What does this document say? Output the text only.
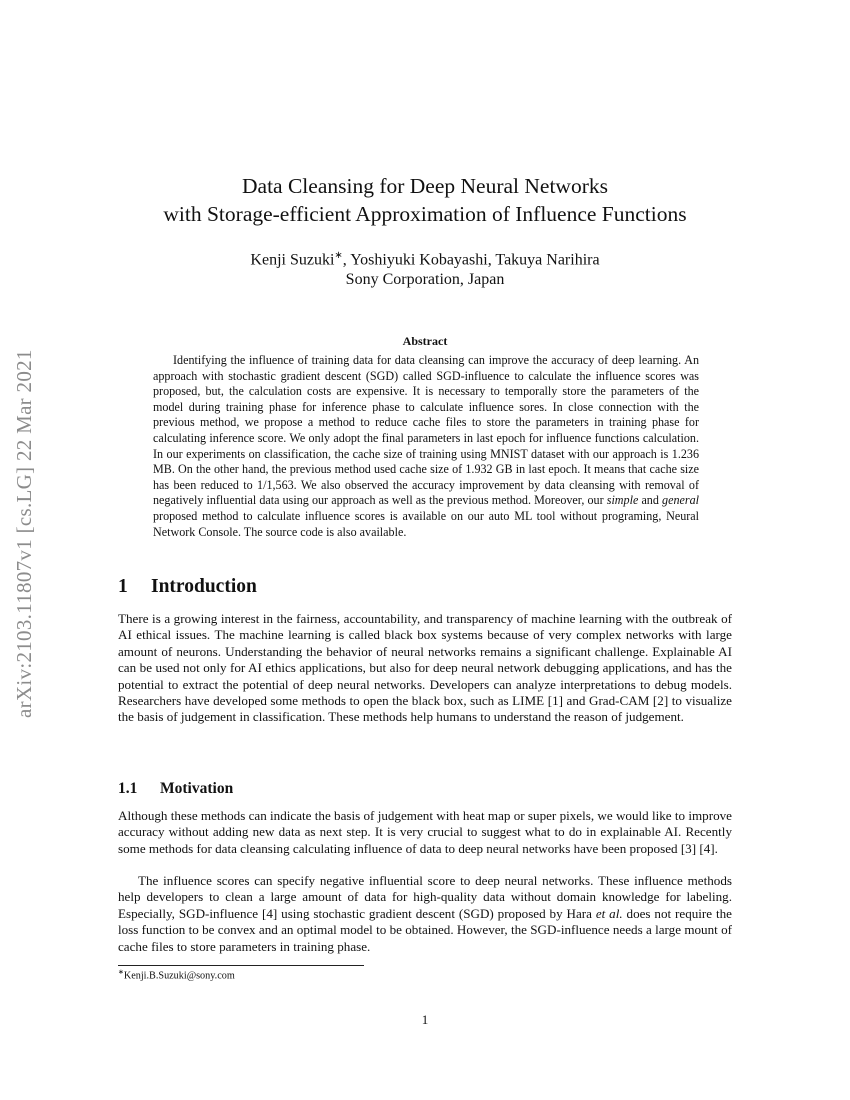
arXiv:2103.11807v1 [cs.LG] 22 Mar 2021
Data Cleansing for Deep Neural Networks
with Storage-efficient Approximation of Influence Functions
Kenji Suzuki∗, Yoshiyuki Kobayashi, Takuya Narihira
Sony Corporation, Japan
Abstract

Identifying the influence of training data for data cleansing can improve the accuracy of deep learning. An approach with stochastic gradient descent (SGD) called SGD-influence to calculate the influence scores was proposed, but, the calculation costs are expensive. It is necessary to temporally store the parameters of the model during training phase for inference phase to calculate influence sores. In close connection with the previous method, we propose a method to reduce cache files to store the parameters in training phase for calculating inference score. We only adopt the final parameters in last epoch for influence functions calculation. In our experiments on classification, the cache size of training using MNIST dataset with our approach is 1.236 MB. On the other hand, the previous method used cache size of 1.932 GB in last epoch. It means that cache size has been reduced to 1/1,563. We also observed the accuracy improvement by data cleansing with removal of negatively influential data using our approach as well as the previous method. Moreover, our simple and general proposed method to calculate influence scores is available on our auto ML tool without programing, Neural Network Console. The source code is also available.

1 Introduction

There is a growing interest in the fairness, accountability, and transparency of machine learning with the outbreak of AI ethical issues. The machine learning is called black box systems because of very complex networks with large amount of neurons. Understanding the behavior of neural networks remains a significant challenge. Explainable AI can be used not only for AI ethics applications, but also for deep neural network debugging applications, and has the potential to extract the potential of deep neural networks. Developers can analyze interpretations to debug models. Researchers have developed some methods to open the black box, such as LIME [1] and Grad-CAM [2] to visualize the basis of judgement in classification. These methods help humans to understand the reason of judgement.

1.1 Motivation

Although these methods can indicate the basis of judgement with heat map or super pixels, we would like to improve accuracy without adding new data as next step. It is very crucial to suggest what to do in explainable AI. Recently some methods for data cleansing calculating influence of data to deep neural networks have been proposed [3] [4].

The influence scores can specify negative influential score to deep neural networks. These influence methods help developers to clean a large amount of data for high-quality data without domain knowledge for labeling. Especially, SGD-influence [4] using stochastic gradient descent (SGD) proposed by Hara et al. does not require the loss function to be convex and an optimal model to be obtained. However, the SGD-influence needs a large mount of cache files to store parameters in training phase.

∗Kenji.B.Suzuki@sony.com
1
